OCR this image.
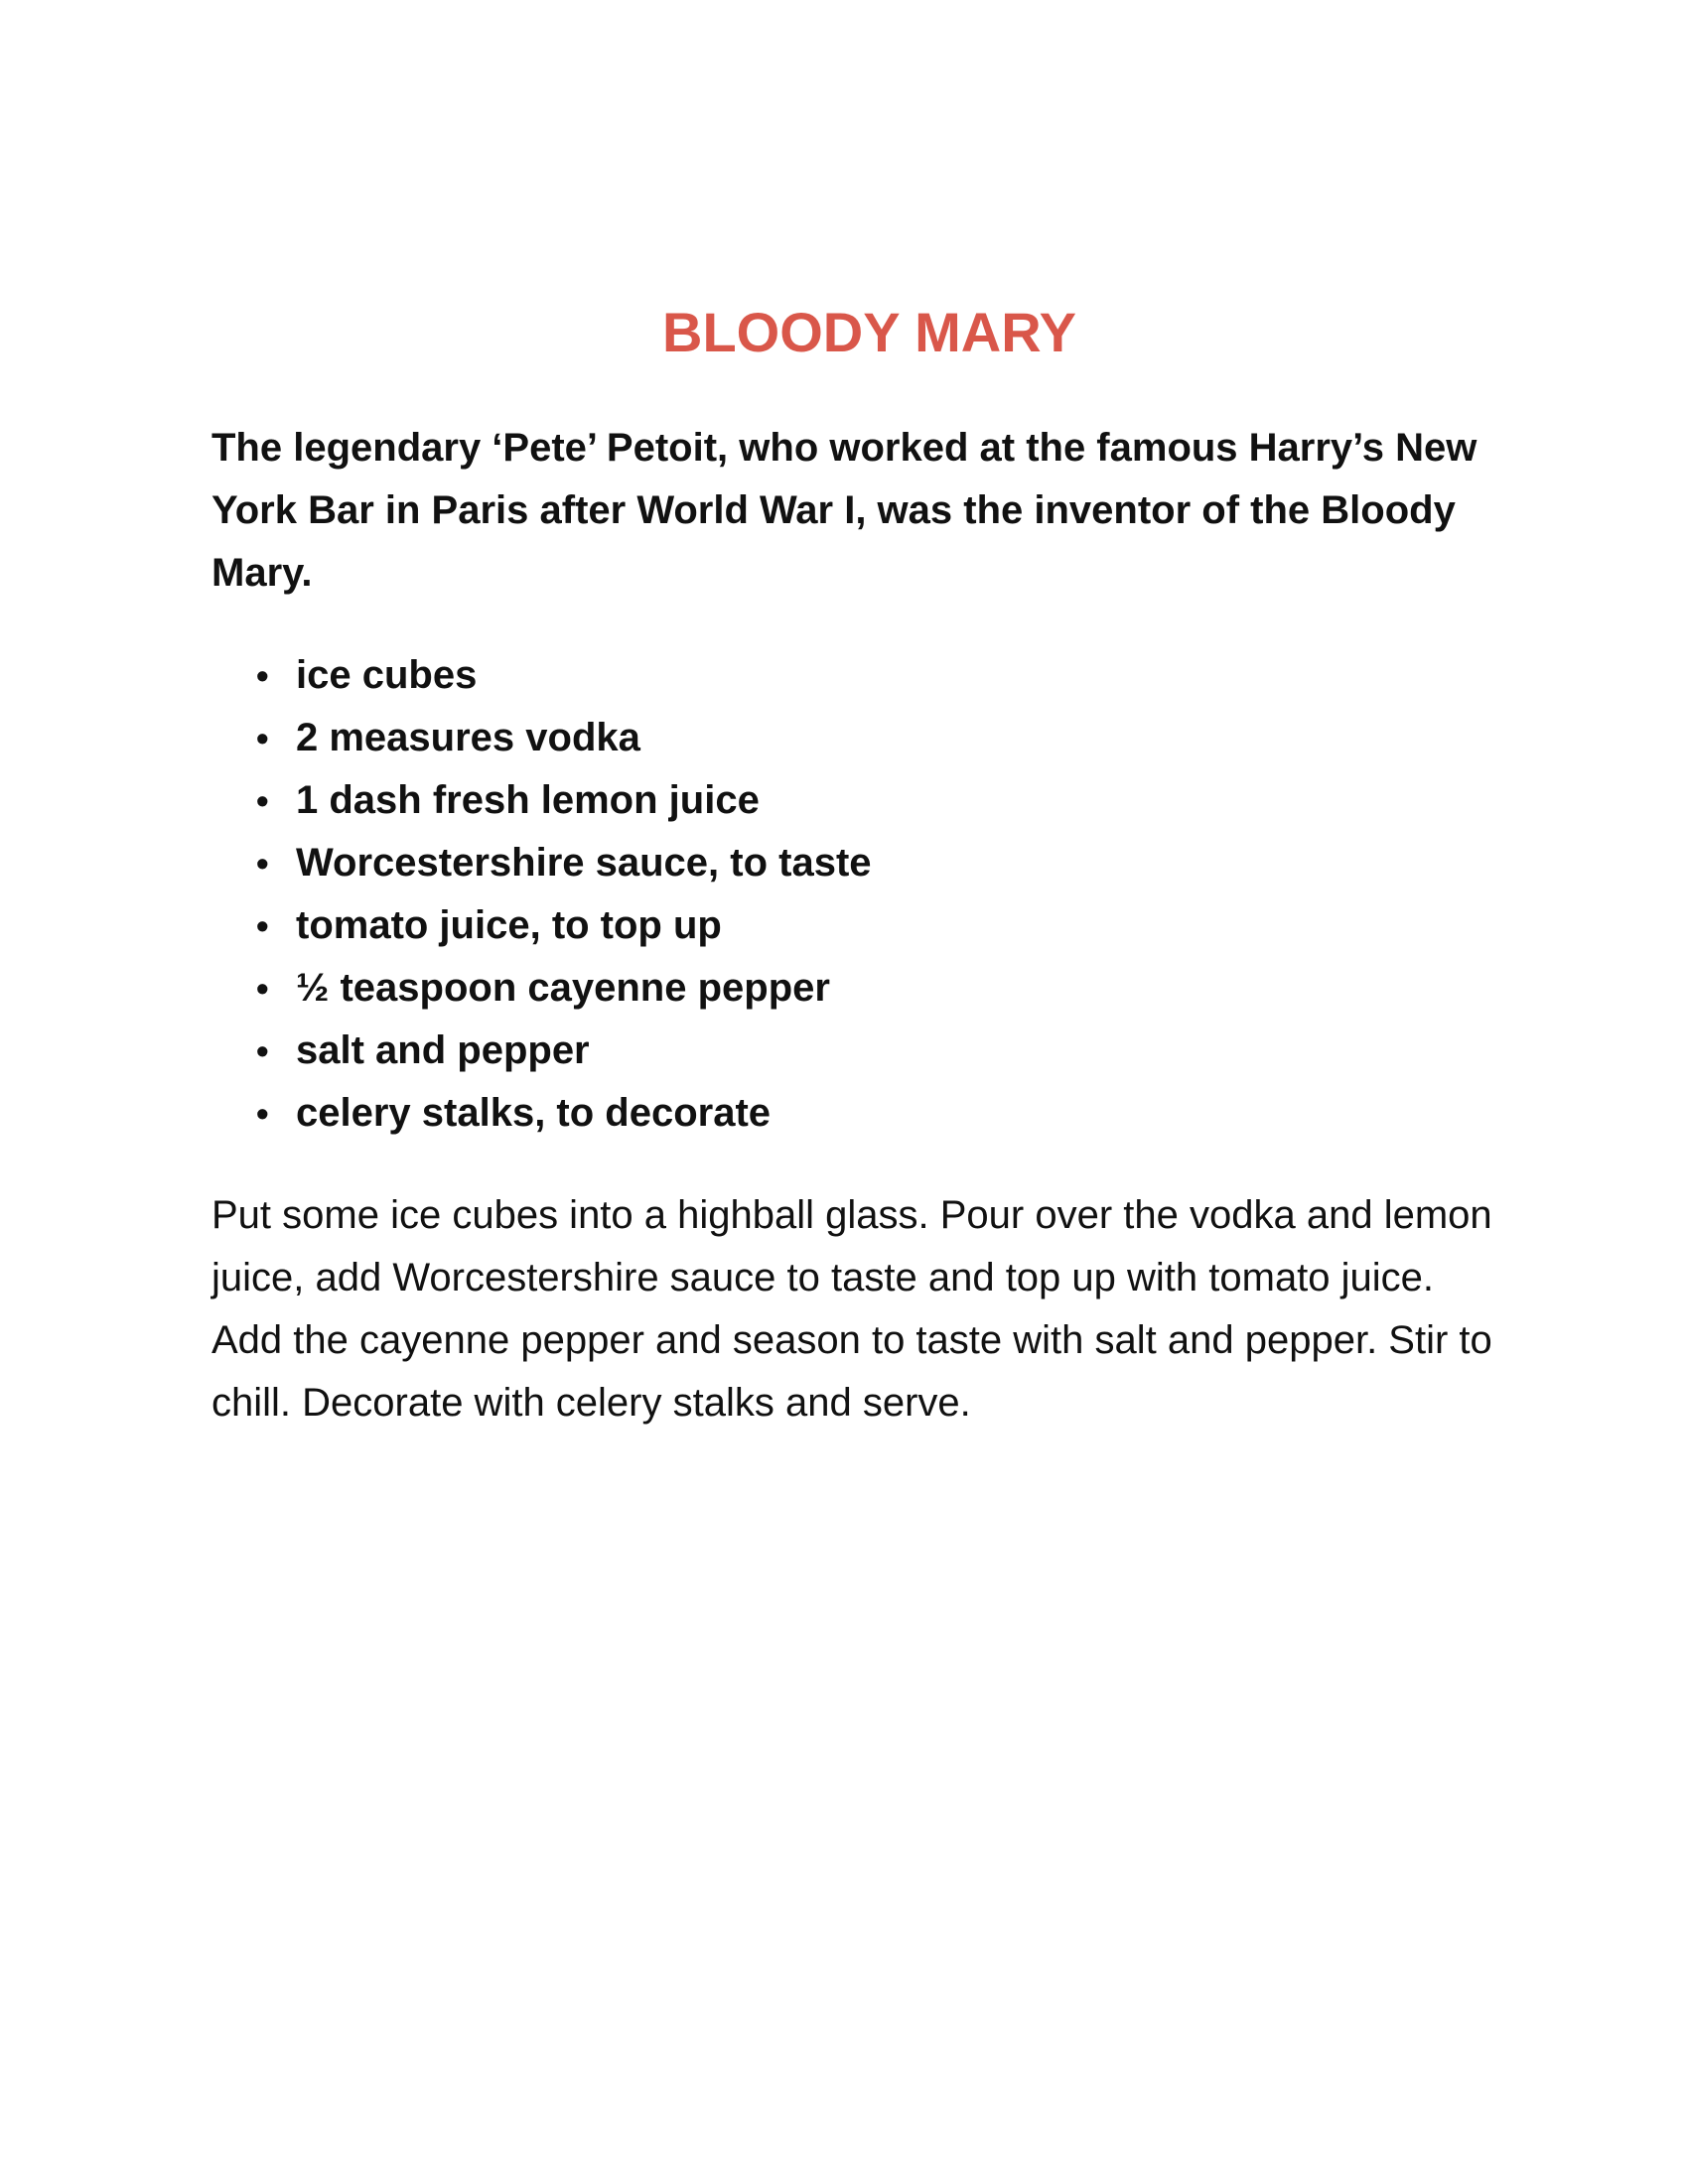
BLOODY MARY

The legendary ‘Pete’ Petoit, who worked at the famous Harry’s New York Bar in Paris after World War I, was the inventor of the Bloody Mary.

• ice cubes
• 2 measures vodka
• 1 dash fresh lemon juice
• Worcestershire sauce, to taste
• tomato juice, to top up
• ½ teaspoon cayenne pepper
• salt and pepper
• celery stalks, to decorate

Put some ice cubes into a highball glass. Pour over the vodka and lemon juice, add Worcestershire sauce to taste and top up with tomato juice. Add the cayenne pepper and season to taste with salt and pepper. Stir to chill. Decorate with celery stalks and serve.
